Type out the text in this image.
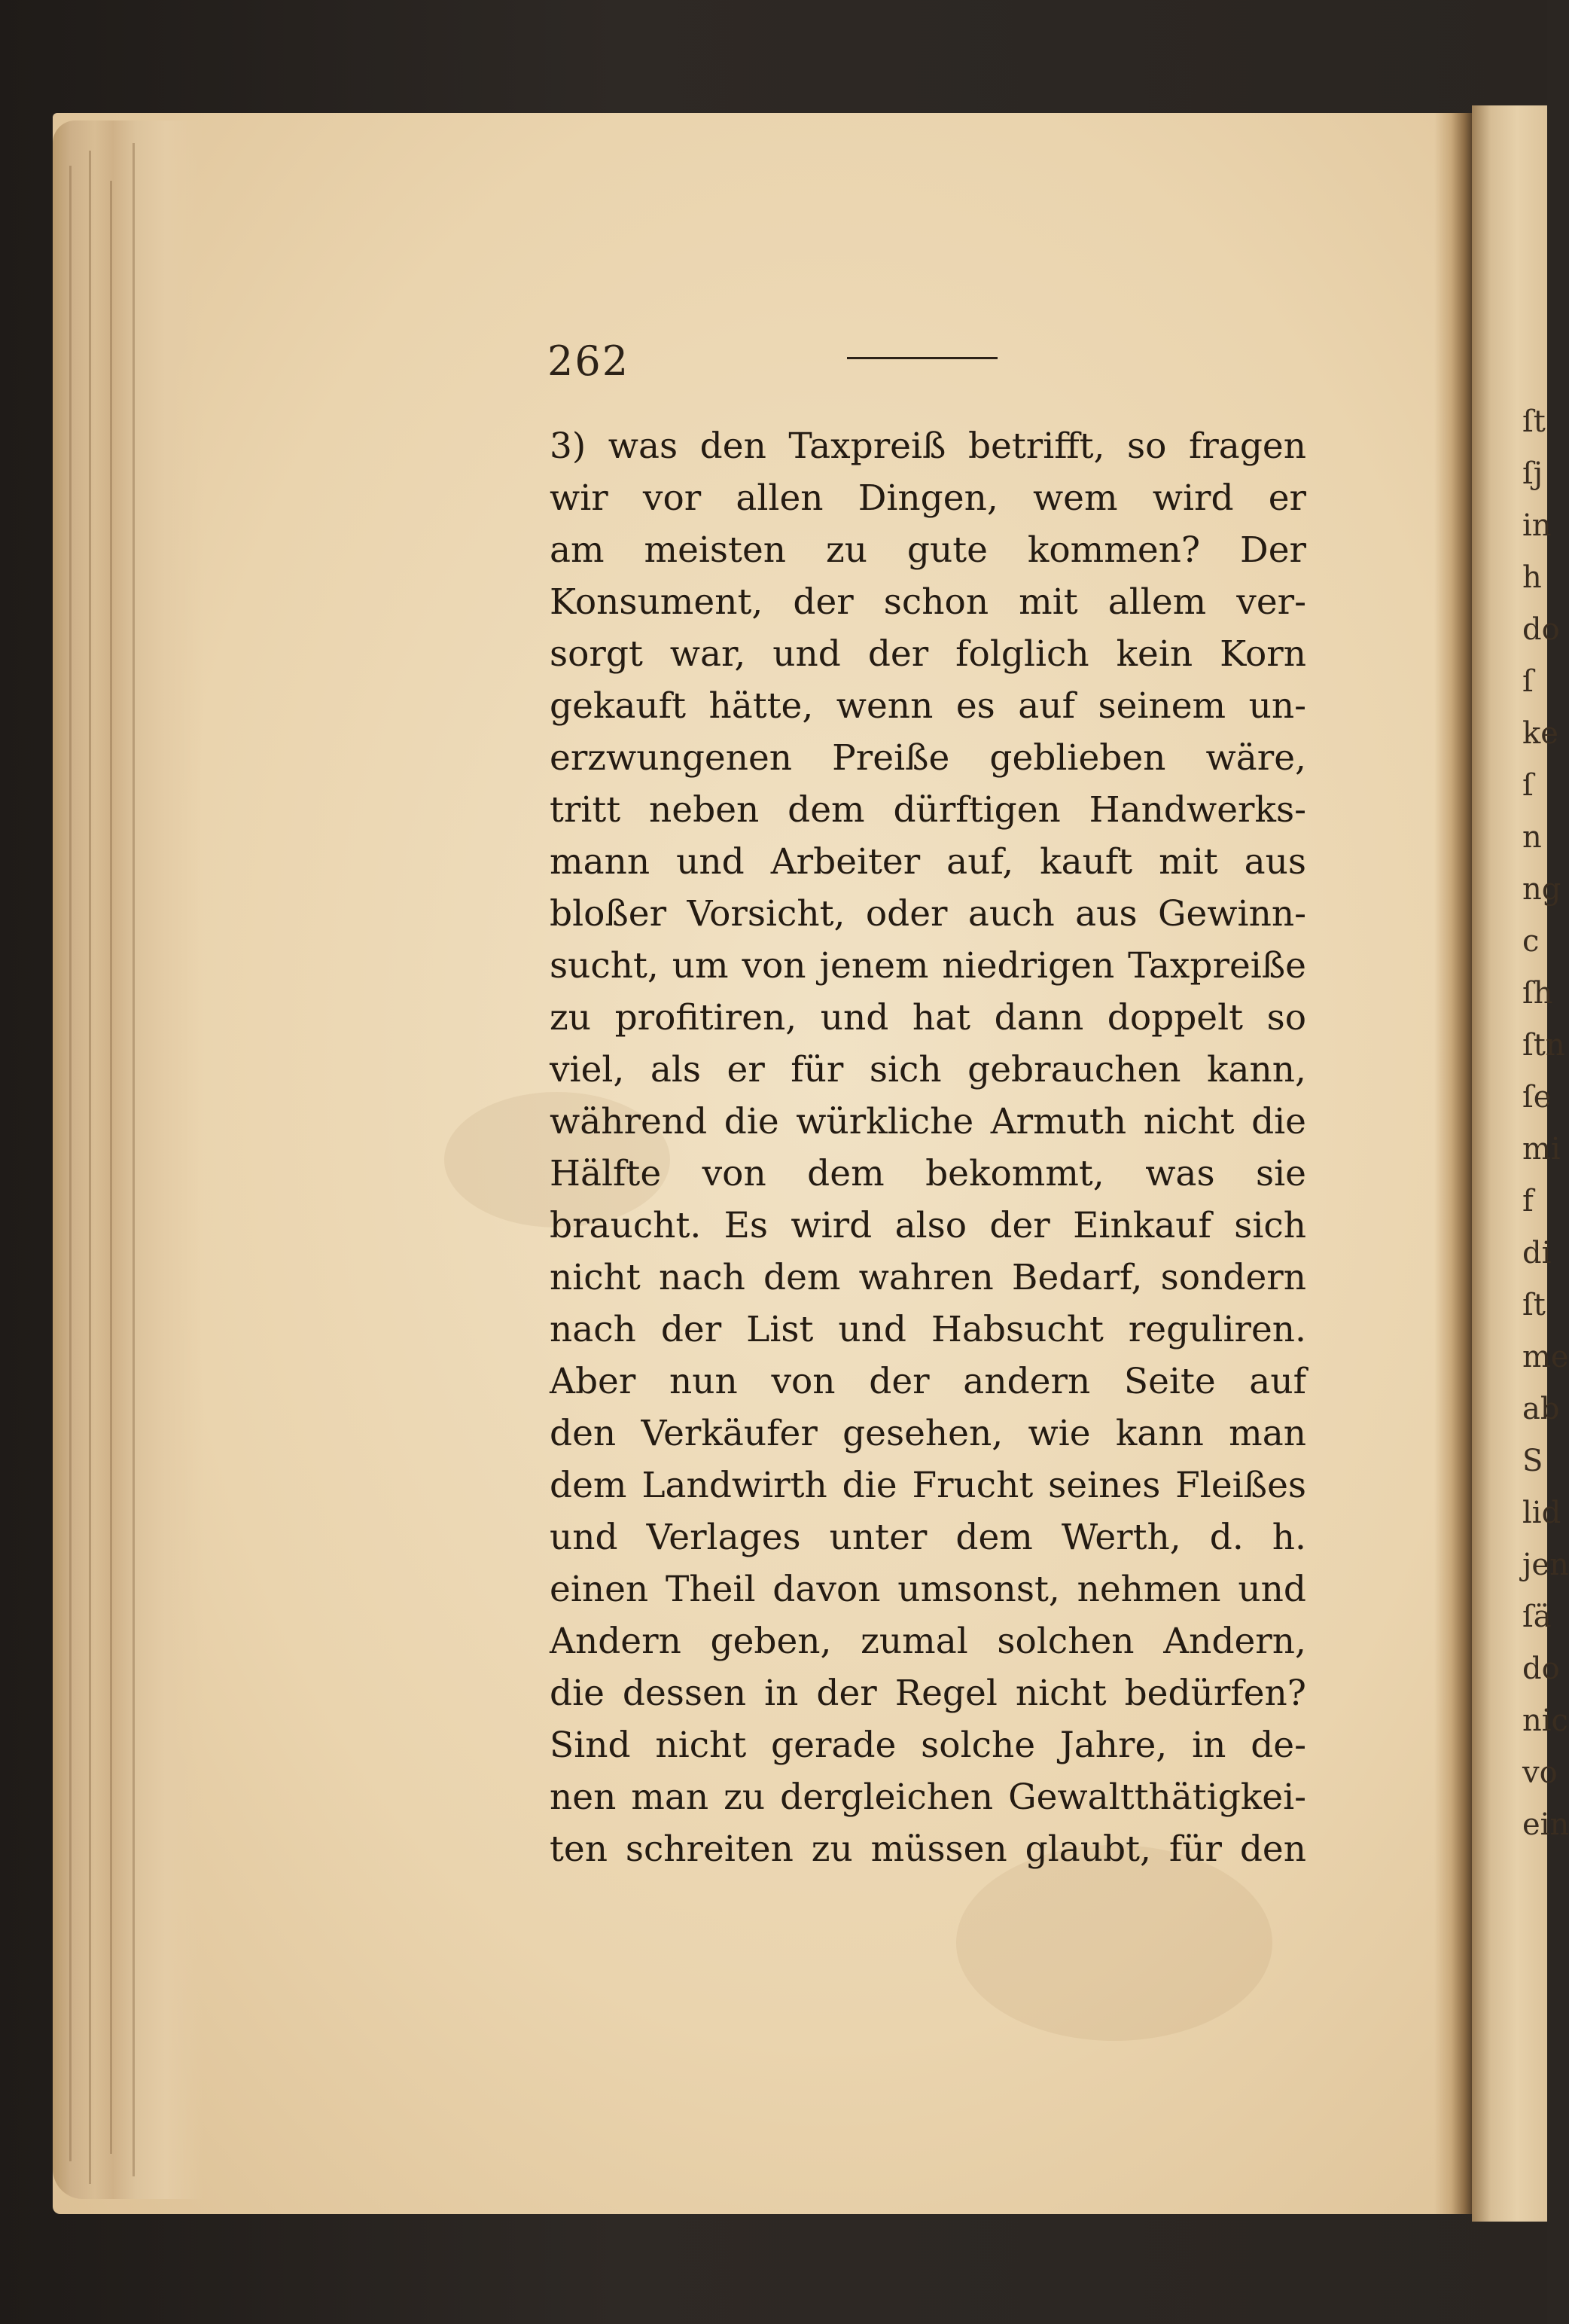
ſt
ſj
in
h
do
ſ
ke
ſ
n
ng
c
ſh
ſtn
ſe
mi
f
di
ſt
me
ab
S
lid
jen
ſä
do
nic
vo
ein
262
3) was den Taxpreiß betrifft, so fragen
wir vor allen Dingen, wem wird er
am meisten zu gute kommen? Der
Konsument, der schon mit allem ver-
sorgt war, und der folglich kein Korn
gekauft hätte, wenn es auf seinem un-
erzwungenen Preiße geblieben wäre,
tritt neben dem dürftigen Handwerks-
mann und Arbeiter auf, kauft mit aus
bloßer Vorsicht, oder auch aus Gewinn-
sucht, um von jenem niedrigen Taxpreiße
zu profitiren, und hat dann doppelt so
viel, als er für sich gebrauchen kann,
während die würkliche Armuth nicht die
Hälfte von dem bekommt, was sie
braucht. Es wird also der Einkauf sich
nicht nach dem wahren Bedarf, sondern
nach der List und Habsucht reguliren.
Aber nun von der andern Seite auf
den Verkäufer gesehen, wie kann man
dem Landwirth die Frucht seines Fleißes
und Verlages unter dem Werth, d. h.
einen Theil davon umsonst, nehmen und
Andern geben, zumal solchen Andern,
die dessen in der Regel nicht bedürfen?
Sind nicht gerade solche Jahre, in de-
nen man zu dergleichen Gewaltthätigkei-
ten schreiten zu müssen glaubt, für den
